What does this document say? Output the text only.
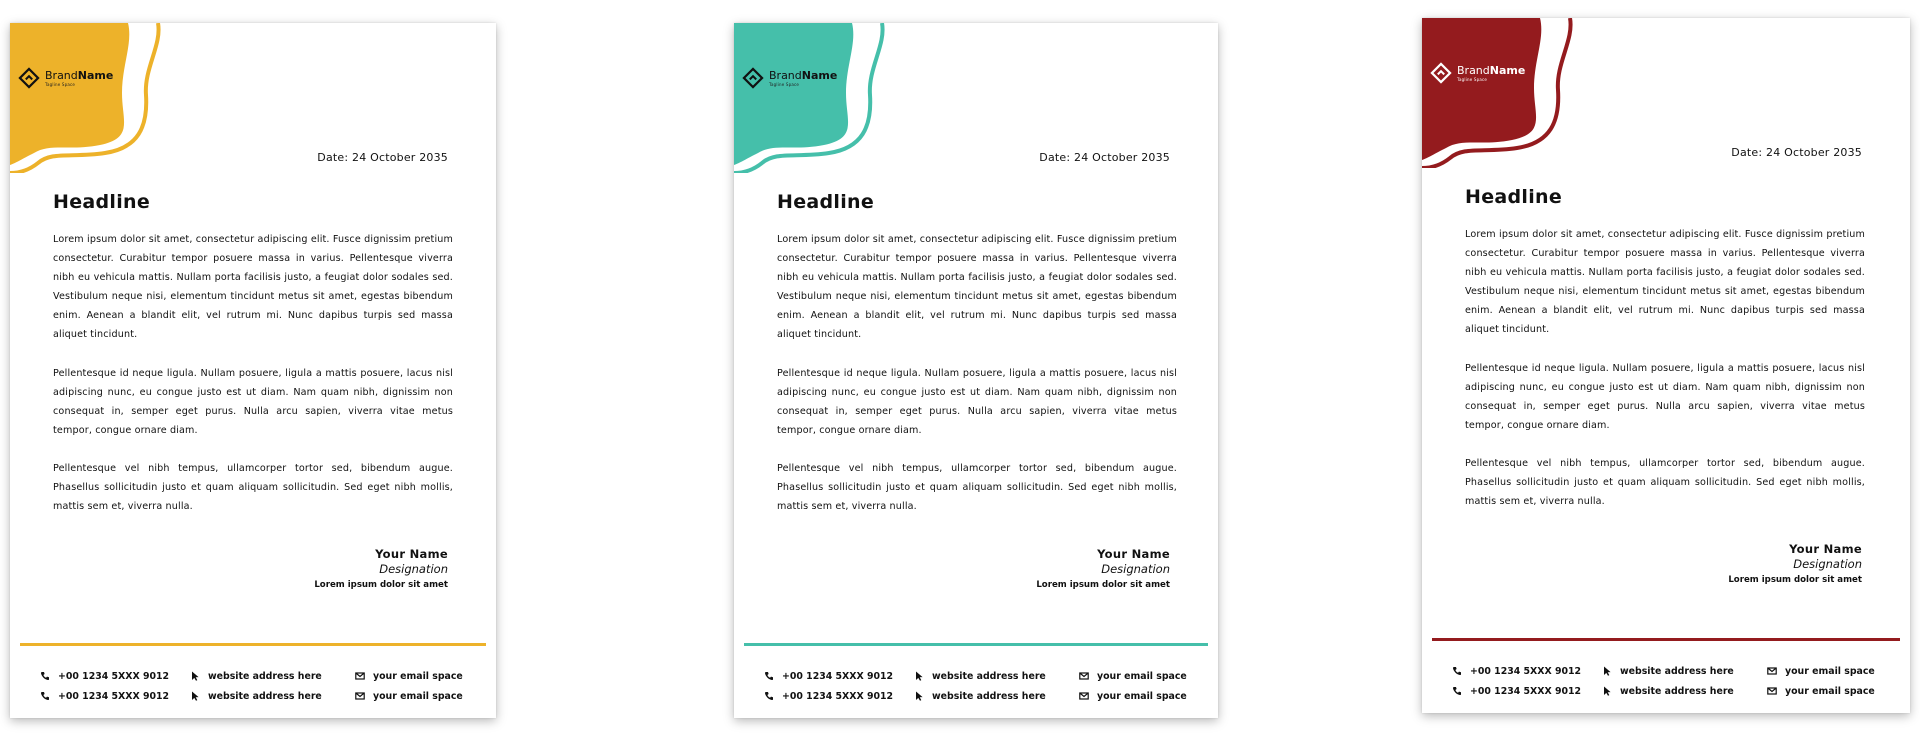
BrandName
Tagline Space
Date: 24 October 2035
Headline

Lorem ipsum dolor sit amet, consectetur adipiscing elit. Fusce dignissim pretium consectetur. Curabitur tempor posuere massa in varius. Pellentesque viverra nibh eu vehicula mattis. Nullam porta facilisis justo, a feugiat dolor sodales sed. Vestibulum neque nisi, elementum tincidunt metus sit amet, egestas bibendum enim. Aenean a blandit elit, vel rutrum mi. Nunc dapibus turpis sed massa aliquet tincidunt.

Pellentesque id neque ligula. Nullam posuere, ligula a mattis posuere, lacus nisl adipiscing nunc, eu congue justo est ut diam. Nam quam nibh, dignissim non consequat in, semper eget purus. Nulla arcu sapien, viverra vitae metus tempor, congue ornare diam.

Pellentesque vel nibh tempus, ullamcorper tortor sed, bibendum augue. Phasellus sollicitudin justo et quam aliquam sollicitudin. Sed eget nibh mollis, mattis sem et, viverra nulla.

Your Name
Designation
Lorem ipsum dolor sit amet
+00 1234 5XXX 9012	website address here	your email space
+00 1234 5XXX 9012	website address here	your email space
BrandName
Tagline Space
Date: 24 October 2035
Headline

Lorem ipsum dolor sit amet, consectetur adipiscing elit. Fusce dignissim pretium consectetur. Curabitur tempor posuere massa in varius. Pellentesque viverra nibh eu vehicula mattis. Nullam porta facilisis justo, a feugiat dolor sodales sed. Vestibulum neque nisi, elementum tincidunt metus sit amet, egestas bibendum enim. Aenean a blandit elit, vel rutrum mi. Nunc dapibus turpis sed massa aliquet tincidunt.

Pellentesque id neque ligula. Nullam posuere, ligula a mattis posuere, lacus nisl adipiscing nunc, eu congue justo est ut diam. Nam quam nibh, dignissim non consequat in, semper eget purus. Nulla arcu sapien, viverra vitae metus tempor, congue ornare diam.

Pellentesque vel nibh tempus, ullamcorper tortor sed, bibendum augue. Phasellus sollicitudin justo et quam aliquam sollicitudin. Sed eget nibh mollis, mattis sem et, viverra nulla.

Your Name
Designation
Lorem ipsum dolor sit amet
+00 1234 5XXX 9012	website address here	your email space
+00 1234 5XXX 9012	website address here	your email space
BrandName
Tagline Space
Date: 24 October 2035
Headline

Lorem ipsum dolor sit amet, consectetur adipiscing elit. Fusce dignissim pretium consectetur. Curabitur tempor posuere massa in varius. Pellentesque viverra nibh eu vehicula mattis. Nullam porta facilisis justo, a feugiat dolor sodales sed. Vestibulum neque nisi, elementum tincidunt metus sit amet, egestas bibendum enim. Aenean a blandit elit, vel rutrum mi. Nunc dapibus turpis sed massa aliquet tincidunt.

Pellentesque id neque ligula. Nullam posuere, ligula a mattis posuere, lacus nisl adipiscing nunc, eu congue justo est ut diam. Nam quam nibh, dignissim non consequat in, semper eget purus. Nulla arcu sapien, viverra vitae metus tempor, congue ornare diam.

Pellentesque vel nibh tempus, ullamcorper tortor sed, bibendum augue. Phasellus sollicitudin justo et quam aliquam sollicitudin. Sed eget nibh mollis, mattis sem et, viverra nulla.

Your Name
Designation
Lorem ipsum dolor sit amet
+00 1234 5XXX 9012	website address here	your email space
+00 1234 5XXX 9012	website address here	your email space
